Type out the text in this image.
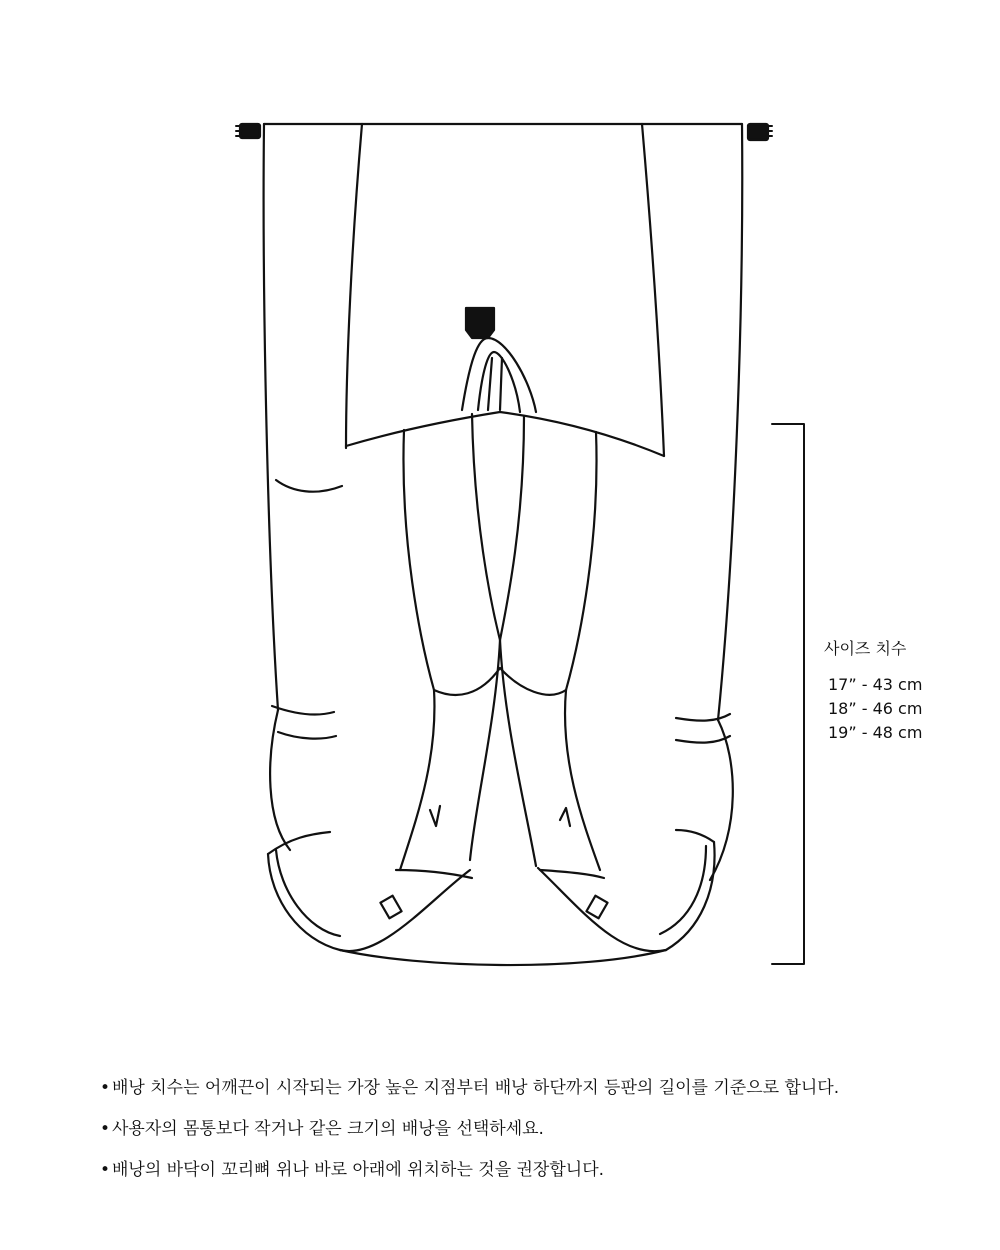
사이즈 치수
17” - 43 cm
18” - 46 cm
19” - 48 cm
• 배낭 치수는 어깨끈이 시작되는 가장 높은 지점부터 배낭 하단까지 등판의 길이를 기준으로 합니다.
• 사용자의 몸통보다 작거나 같은 크기의 배낭을 선택하세요.
• 배낭의 바닥이 꼬리뼈 위나 바로 아래에 위치하는 것을 권장합니다.
